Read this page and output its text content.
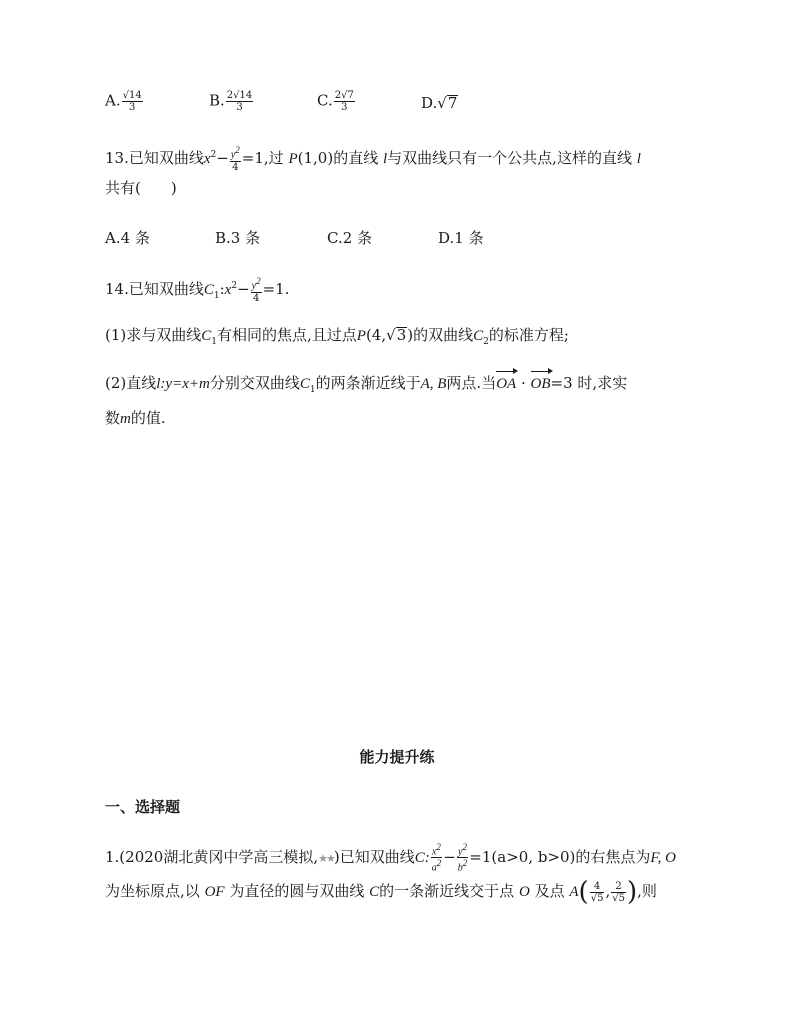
A. $\frac{√14}{3}$	B. $\frac{2√14}{3}$	C. $\frac{2√7}{3}$	D.√7
13.已知双曲线$x^2- \frac{y^2}{4} =1$,过 P(1,0)的直线 l与双曲线只有一个公共点,这样的直线 l
共有(　　)
A.4 条	B.3 条	C.2 条	D.1 条
14.已知双曲线$C_1:x^2- \frac{y^2}{4} =1$.
(1)求与双曲线$C_1$有相同的焦点,且过点P(4,√3)的双曲线$C_2$的标准方程;
(2)直线l:y=x+m分别交双曲线$C_1$的两条渐近线于A, B两点.当OA · OB=3 时,求实
数m的值.
能力提升练
一、选择题
1.(2020湖北黄冈中学高三模拟,★★)已知双曲线C: $\frac{x^2}{a^2} - \frac{y^2}{b^2} =1(a>0$, b>0)的右焦点为F, O
为坐标原点,以 OF 为直径的圆与双曲线 C的一条渐近线交于点 O 及点 $A( \frac{4}{√5}$ , $\frac{2}{√5}$ ),则
